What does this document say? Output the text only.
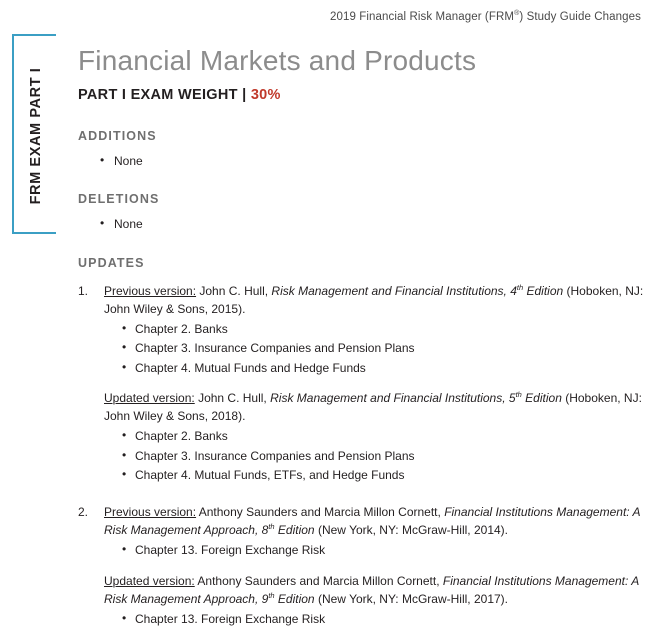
2019 Financial Risk Manager (FRM®) Study Guide Changes
FRM EXAM PART I
Financial Markets and Products
PART I EXAM WEIGHT | 30%
ADDITIONS
• None
DELETIONS
• None
UPDATES
1. Previous version: John C. Hull, Risk Management and Financial Institutions, 4th Edition (Hoboken, NJ: John Wiley & Sons, 2015).
• Chapter 2. Banks
• Chapter 3. Insurance Companies and Pension Plans
• Chapter 4. Mutual Funds and Hedge Funds
Updated version: John C. Hull, Risk Management and Financial Institutions, 5th Edition (Hoboken, NJ: John Wiley & Sons, 2018).
• Chapter 2. Banks
• Chapter 3. Insurance Companies and Pension Plans
• Chapter 4. Mutual Funds, ETFs, and Hedge Funds
2. Previous version: Anthony Saunders and Marcia Millon Cornett, Financial Institutions Management: A Risk Management Approach, 8th Edition (New York, NY: McGraw-Hill, 2014).
• Chapter 13. Foreign Exchange Risk
Updated version: Anthony Saunders and Marcia Millon Cornett, Financial Institutions Management: A Risk Management Approach, 9th Edition (New York, NY: McGraw-Hill, 2017).
• Chapter 13. Foreign Exchange Risk
